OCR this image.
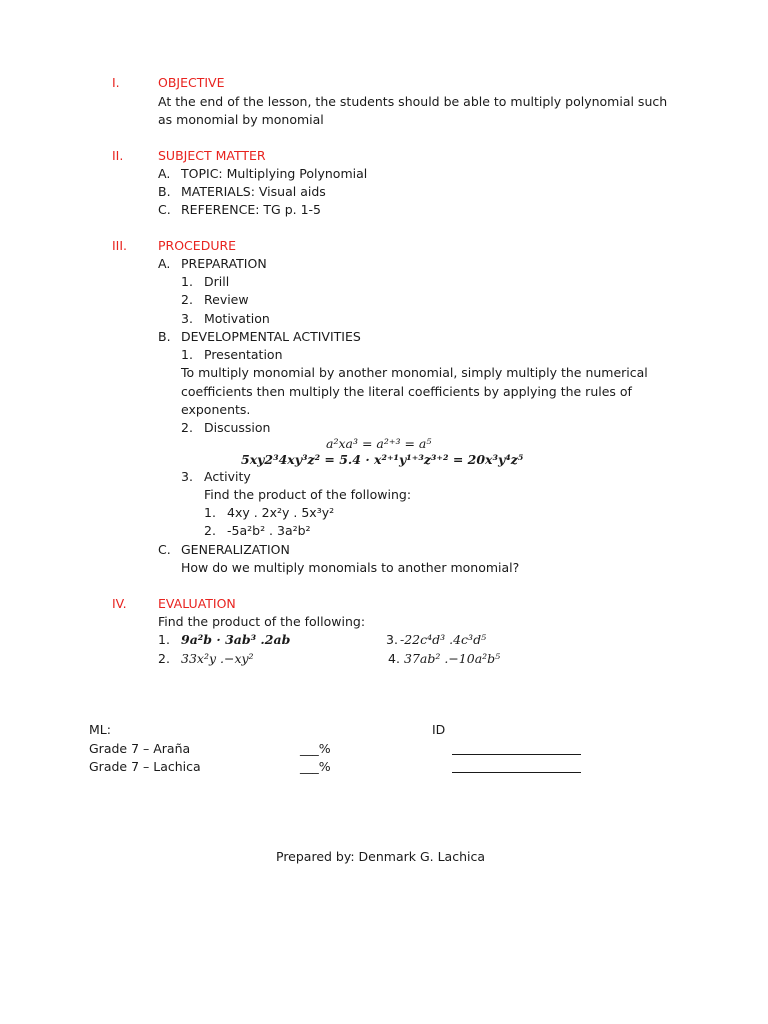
I.	OBJECTIVE
At the end of the lesson, the students should be able to multiply polynomial such
as monomial by monomial
II.	SUBJECT MATTER
A. TOPIC: Multiplying Polynomial
B. MATERIALS: Visual aids
C. REFERENCE: TG p. 1-5
III. PROCEDURE
A. PREPARATION
1. Drill
2. Review
3. Motivation
B. DEVELOPMENTAL ACTIVITIES
1. Presentation
To multiply monomial by another monomial, simply multiply the numerical
coefficients then multiply the literal coefficients by applying the rules of
exponents.
2. Discussion
a²xa³ = a²⁺³ = a⁵
5xy2³4xy³z² = 5.4 · x²⁺¹y¹⁺³z³⁺² = 20x³y⁴z⁵
3. Activity
Find the product of the following:
1. 4xy . 2x²y . 5x³y²
2. -5a²b² . 3a²b²
C. GENERALIZATION
How do we multiply monomials to another monomial?
IV.	EVALUATION
Find the product of the following:
1. 9a²b · 3ab³ .2ab	3. -22c⁴d³ .4c³d⁵
2. 33x²y .−xy²	4. 37ab² .−10a²b⁵
ML:	ID
Grade 7 – Araña	___%
Grade 7 – Lachica	___%
Prepared by: Denmark G. Lachica
